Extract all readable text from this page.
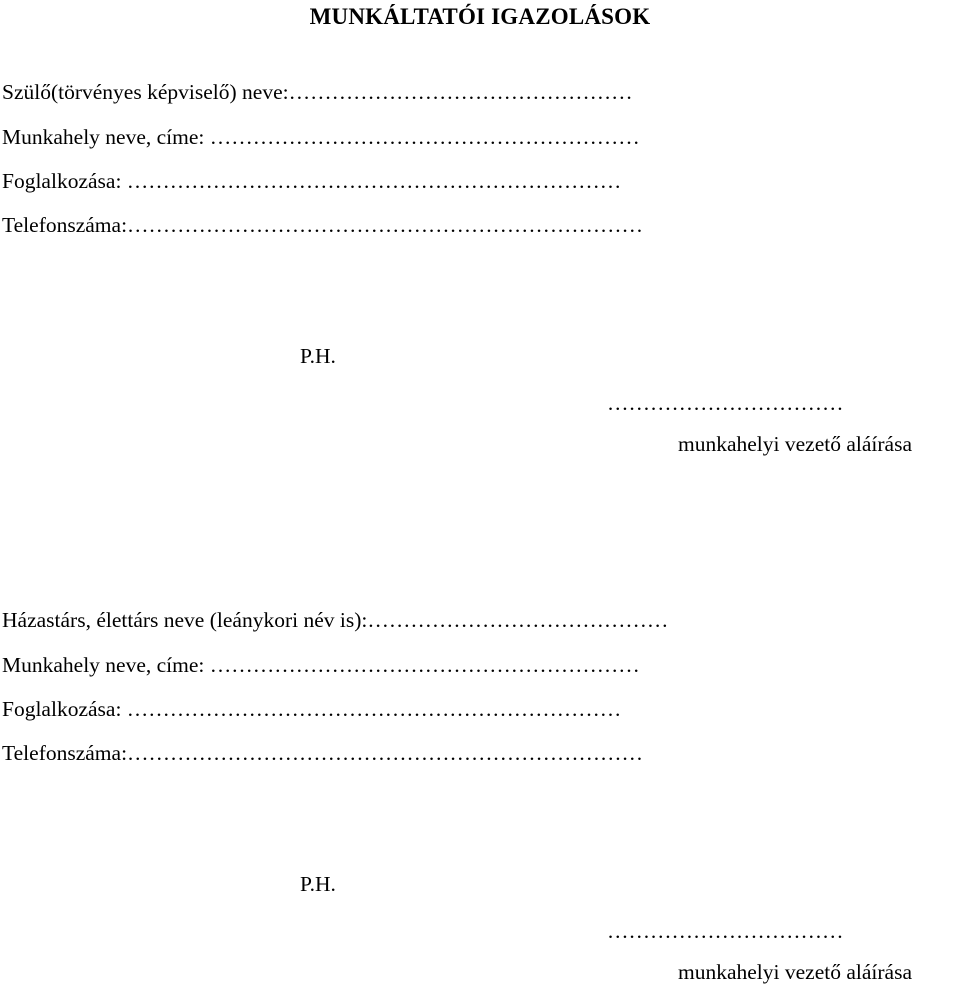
MUNKÁLTATÓI IGAZOLÁSOK
Szülő(törvényes képviselő) neve:…………………………………………
Munkahely neve, címe: ……………………………………………………
Foglalkozása: ……………………………………………………………
Telefonszáma:………………………………………………………………
P.H.
……………………………
munkahelyi vezető aláírása
Házastárs, élettárs neve (leánykori név is):……………………………………
Munkahely neve, címe: ……………………………………………………
Foglalkozása: ……………………………………………………………
Telefonszáma:………………………………………………………………
P.H.
……………………………
munkahelyi vezető aláírása
